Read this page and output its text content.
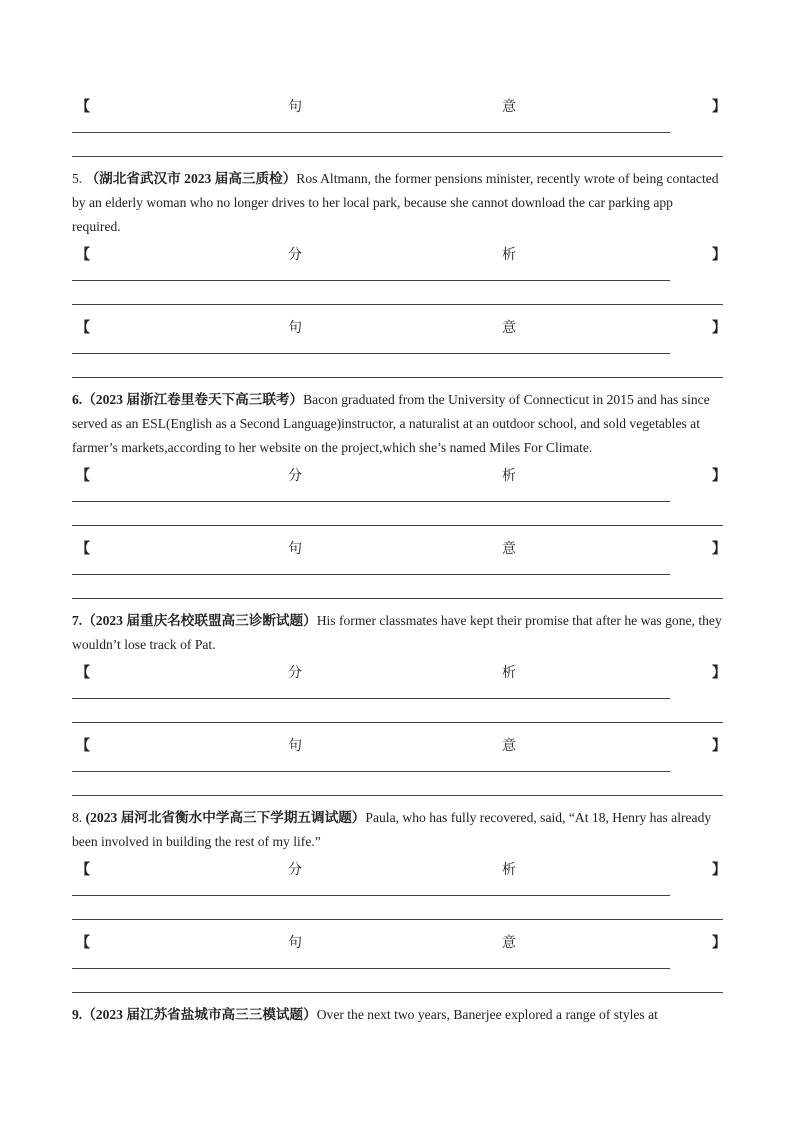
【	句	意	】
5. （湖北省武汉市 2023 届高三质检）Ros Altmann, the former pensions minister, recently wrote of being contacted by an elderly woman who no longer drives to her local park, because she cannot download the car parking app required.
【	分	析	】
【	句	意	】
6.（2023 届浙江卷里卷天下高三联考）Bacon graduated from the University of Connecticut in 2015 and has since served as an ESL(English as a Second Language)instructor, a naturalist at an outdoor school, and sold vegetables at farmer’s markets,according to her website on the project,which she’s named Miles For Climate.
【	分	析	】
【	句	意	】
7.（2023 届重庆名校联盟高三诊断试题）His former classmates have kept their promise that after he was gone, they wouldn’t lose track of Pat.
【	分	析	】
【	句	意	】
8. (2023 届河北省衡水中学高三下学期五调试题）Paula, who has fully recovered, said, “At 18, Henry has already been involved in building the rest of my life.”
【	分	析	】
【	句	意	】
9.（2023 届江苏省盐城市高三三模试题）Over the next two years, Banerjee explored a range of styles at
